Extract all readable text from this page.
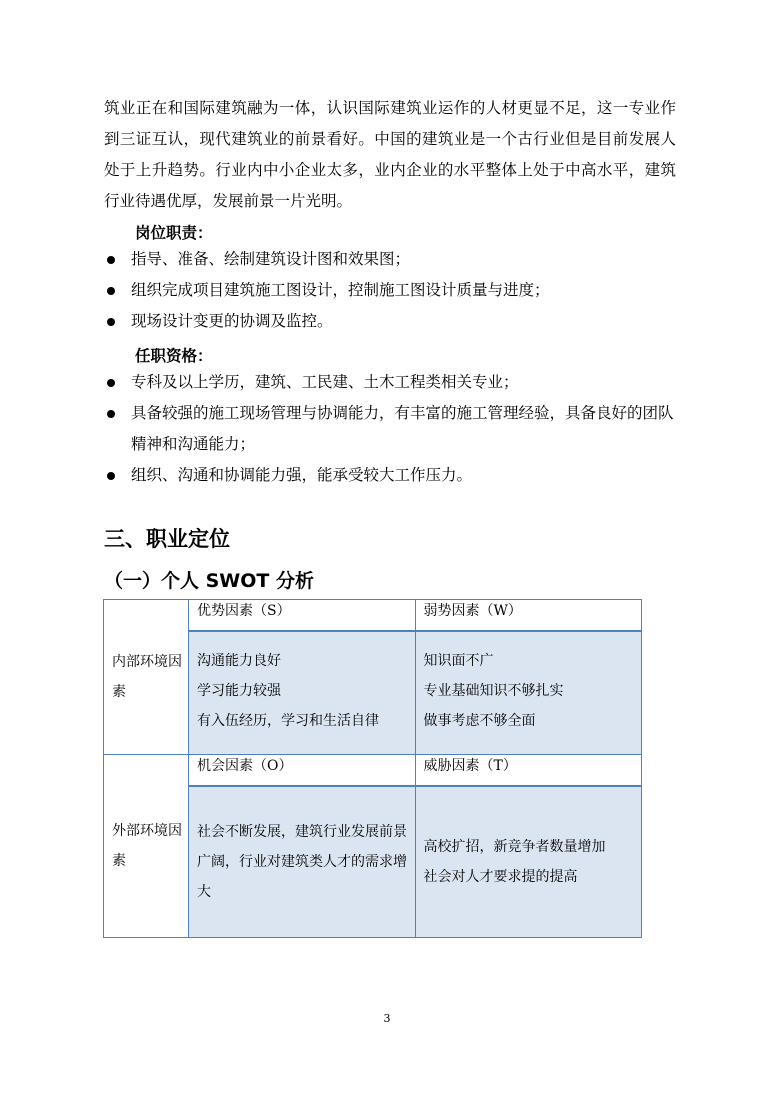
筑业正在和国际建筑融为一体，认识国际建筑业运作的人材更显不足，这一专业作到三证互认，现代建筑业的前景看好。中国的建筑业是一个古行业但是目前发展人处于上升趋势。行业内中小企业太多，业内企业的水平整体上处于中高水平，建筑行业待遇优厚，发展前景一片光明。

岗位职责：

指导、准备、绘制建筑设计图和效果图；
组织完成项目建筑施工图设计，控制施工图设计质量与进度；
现场设计变更的协调及监控。

任职资格：

专科及以上学历，建筑、工民建、土木工程类相关专业；
具备较强的施工现场管理与协调能力，有丰富的施工管理经验，具备良好的团队精神和沟通能力；
组织、沟通和协调能力强，能承受较大工作压力。
三、职业定位
（一）个人 SWOT 分析
内部环境因素	优势因素（S）	弱势因素（W）

	沟通能力良好
学习能力较强
有入伍经历，学习和生活自律	知识面不广
专业基础知识不够扎实
做事考虑不够全面

外部环境因素	机会因素（O）	威胁因素（T）

	社会不断发展，建筑行业发展前景广阔，行业对建筑类人才的需求增大	高校扩招，新竞争者数量增加
社会对人才要求提的提高

3
